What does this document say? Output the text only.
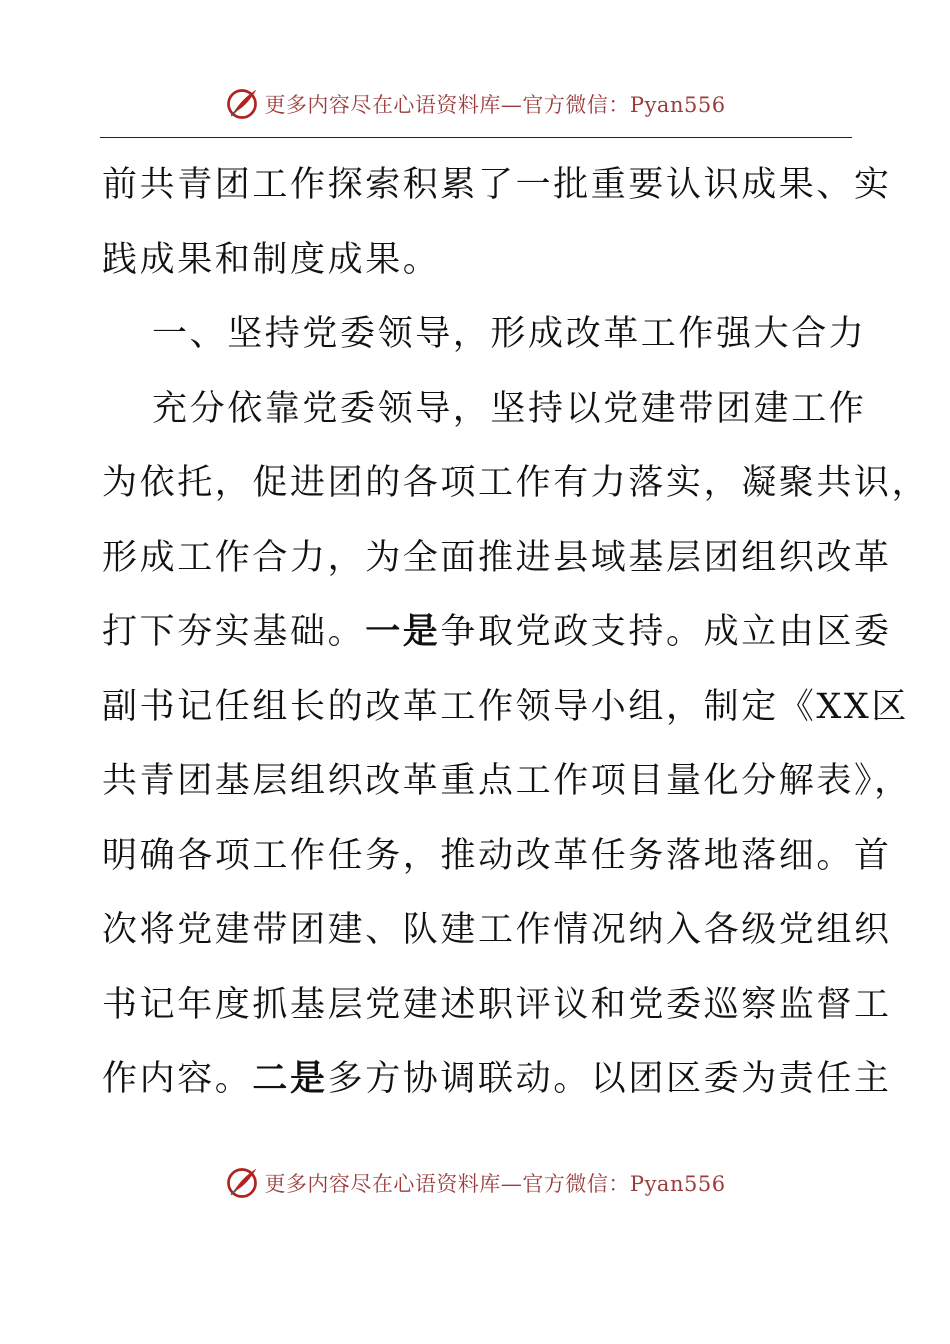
更多内容尽在心语资料库—官方微信：Pyan556
前共青团工作探索积累了一批重要认识成果、实
践成果和制度成果。
一、坚持党委领导，形成改革工作强大合力
充分依靠党委领导，坚持以党建带团建工作
为依托，促进团的各项工作有力落实，凝聚共识，
形成工作合力，为全面推进县域基层团组织改革
打下夯实基础。一是争取党政支持。成立由区委
副书记任组长的改革工作领导小组，制定《XX区
共青团基层组织改革重点工作项目量化分解表》，
明确各项工作任务，推动改革任务落地落细。首
次将党建带团建、队建工作情况纳入各级党组织
书记年度抓基层党建述职评议和党委巡察监督工
作内容。二是多方协调联动。以团区委为责任主
更多内容尽在心语资料库—官方微信：Pyan556
